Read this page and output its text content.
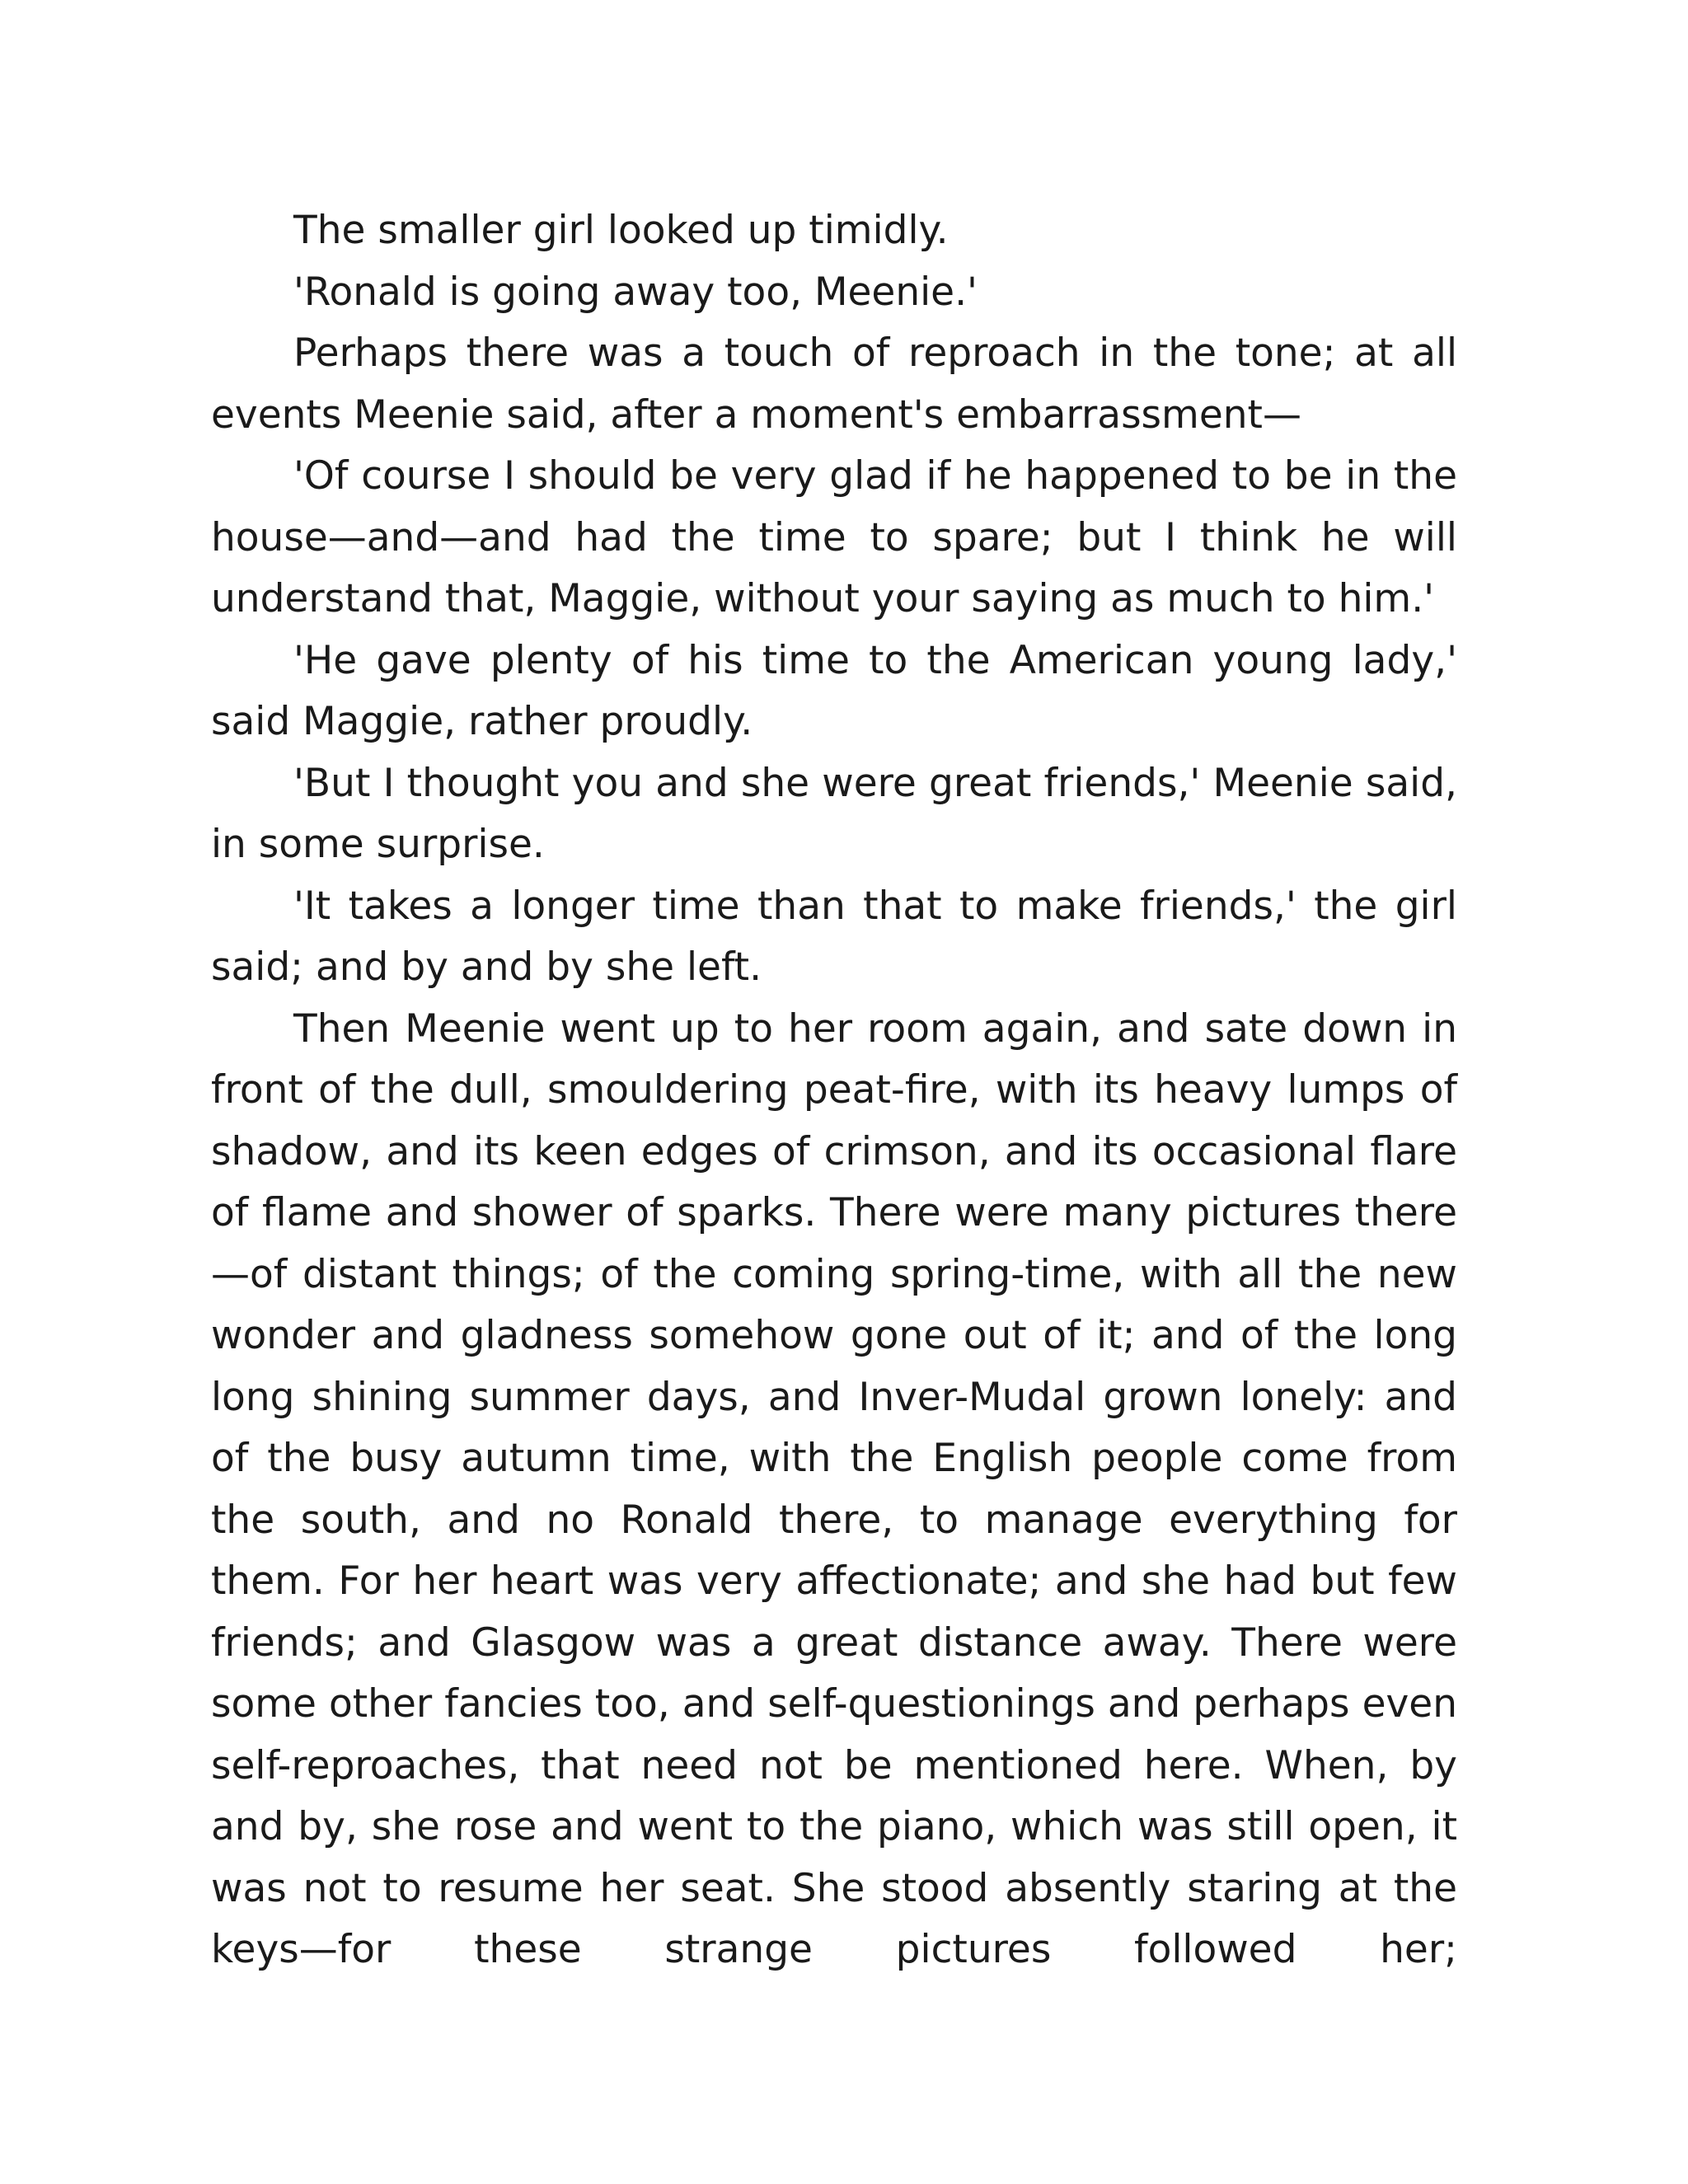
The smaller girl looked up timidly.

'Ronald is going away too, Meenie.'

Perhaps there was a touch of reproach in the tone; at all events Meenie said, after a moment's embarrassment—

'Of course I should be very glad if he happened to be in the house—and—and had the time to spare; but I think he will understand that, Maggie, without your saying as much to him.'

'He gave plenty of his time to the American young lady,' said Maggie, rather proudly.

'But I thought you and she were great friends,' Meenie said, in some surprise.

'It takes a longer time than that to make friends,' the girl said; and by and by she left.

Then Meenie went up to her room again, and sate down in front of the dull, smouldering peat-fire, with its heavy lumps of shadow, and its keen edges of crimson, and its occasional flare of flame and shower of sparks. There were many pictures there—of distant things; of the coming spring-time, with all the new wonder and gladness somehow gone out of it; and of the long long shining summer days, and Inver-Mudal grown lonely: and of the busy autumn time, with the English people come from the south, and no Ronald there, to manage everything for them. For her heart was very affectionate; and she had but few friends; and Glasgow was a great distance away. There were some other fancies too, and self-questionings and perhaps even self-reproaches, that need not be mentioned here. When, by and by, she rose and went to the piano, which was still open, it was not to resume her seat. She stood absently staring at the keys—for these strange pictures followed her;
